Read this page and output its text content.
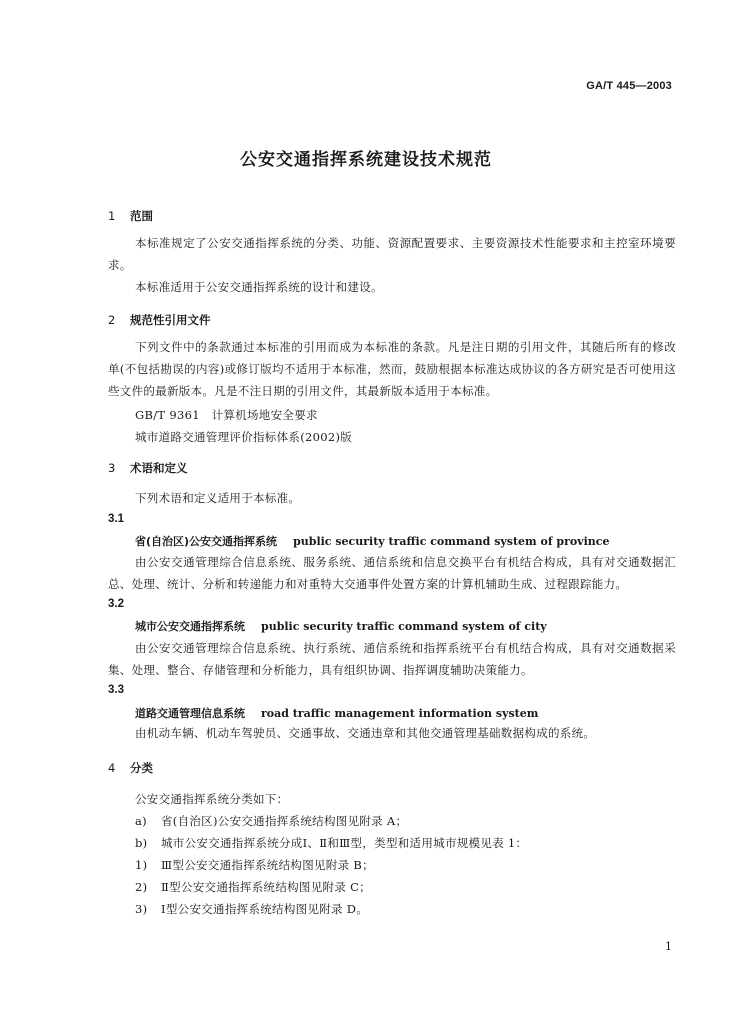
GA/T 445—2003
公安交通指挥系统建设技术规范
1 范围
本标准规定了公安交通指挥系统的分类、功能、资源配置要求、主要资源技术性能要求和主控室环境要求。
本标准适用于公安交通指挥系统的设计和建设。
2 规范性引用文件
下列文件中的条款通过本标准的引用而成为本标准的条款。凡是注日期的引用文件，其随后所有的修改单(不包括勘误的内容)或修订版均不适用于本标准，然而，鼓励根据本标准达成协议的各方研究是否可使用这些文件的最新版本。凡是不注日期的引用文件，其最新版本适用于本标准。
GB/T 9361　计算机场地安全要求
城市道路交通管理评价指标体系(2002)版
3 术语和定义
下列术语和定义适用于本标准。
3.1
省(自治区)公安交通指挥系统 public security traffic command system of province
由公安交通管理综合信息系统、服务系统、通信系统和信息交换平台有机结合构成，具有对交通数据汇总、处理、统计、分析和转递能力和对重特大交通事件处置方案的计算机辅助生成、过程跟踪能力。
3.2
城市公安交通指挥系统 public security traffic command system of city
由公安交通管理综合信息系统、执行系统、通信系统和指挥系统平台有机结合构成，具有对交通数据采集、处理、整合、存储管理和分析能力，具有组织协调、指挥调度辅助决策能力。
3.3
道路交通管理信息系统 road traffic management information system
由机动车辆、机动车驾驶员、交通事故、交通违章和其他交通管理基础数据构成的系统。
4 分类
公安交通指挥系统分类如下：
a) 省(自治区)公安交通指挥系统结构图见附录 A；
b) 城市公安交通指挥系统分成Ⅰ、Ⅱ和Ⅲ型，类型和适用城市规模见表 1：
1) Ⅲ型公安交通指挥系统结构图见附录 B；
2) Ⅱ型公安交通指挥系统结构图见附录 C；
3) Ⅰ型公安交通指挥系统结构图见附录 D。
1
